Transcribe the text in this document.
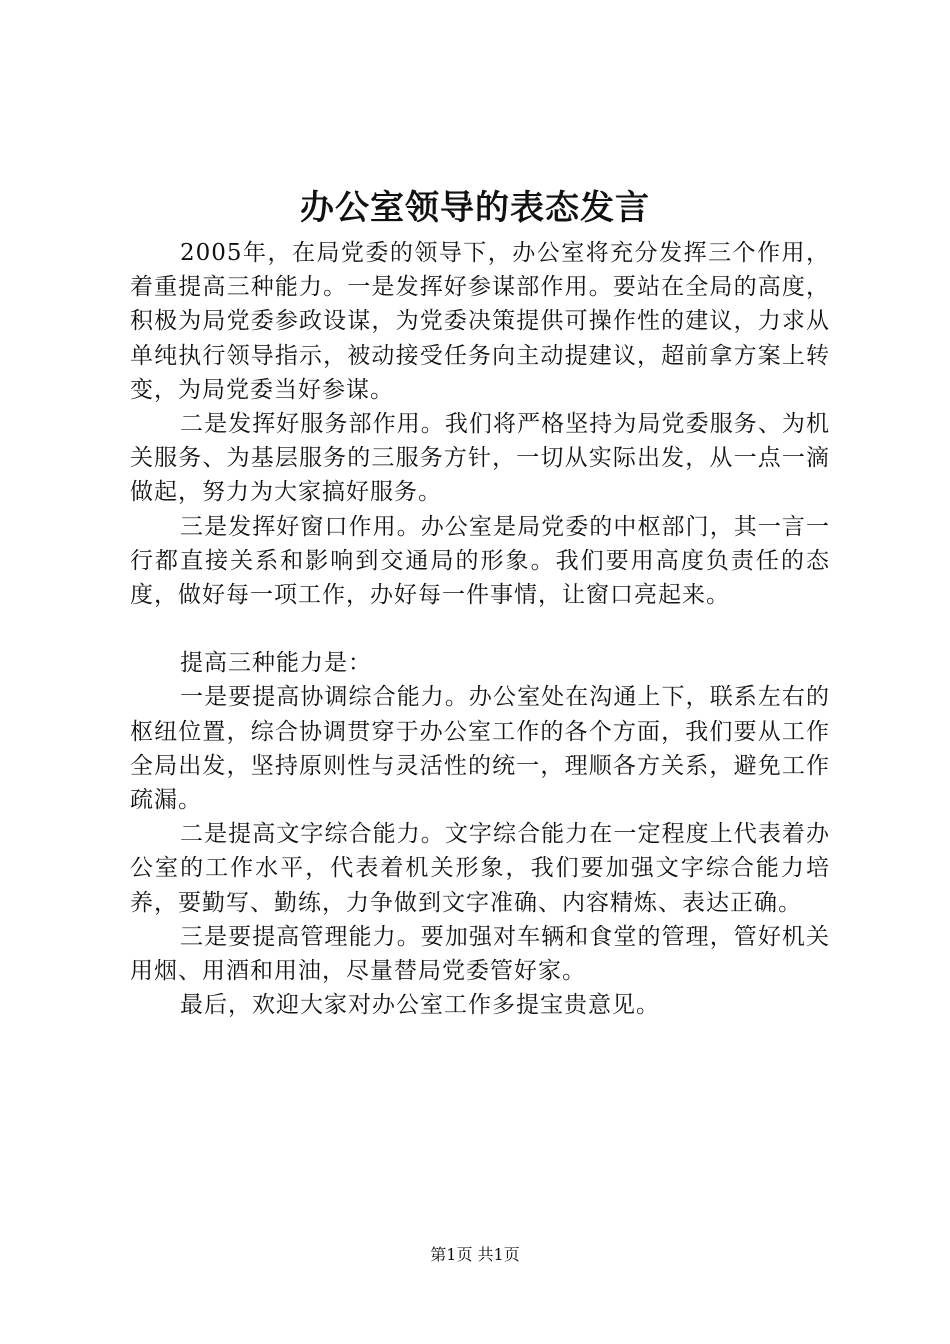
办公室领导的表态发言

2005年，在局党委的领导下，办公室将充分发挥三个作用，着重提高三种能力。一是发挥好参谋部作用。要站在全局的高度，积极为局党委参政设谋，为党委决策提供可操作性的建议，力求从单纯执行领导指示，被动接受任务向主动提建议，超前拿方案上转变，为局党委当好参谋。

二是发挥好服务部作用。我们将严格坚持为局党委服务、为机关服务、为基层服务的三服务方针，一切从实际出发，从一点一滴做起，努力为大家搞好服务。

三是发挥好窗口作用。办公室是局党委的中枢部门，其一言一行都直接关系和影响到交通局的形象。我们要用高度负责任的态度，做好每一项工作，办好每一件事情，让窗口亮起来。

提高三种能力是：

一是要提高协调综合能力。办公室处在沟通上下，联系左右的枢纽位置，综合协调贯穿于办公室工作的各个方面，我们要从工作全局出发，坚持原则性与灵活性的统一，理顺各方关系，避免工作疏漏。

二是提高文字综合能力。文字综合能力在一定程度上代表着办公室的工作水平，代表着机关形象，我们要加强文字综合能力培养，要勤写、勤练，力争做到文字准确、内容精炼、表达正确。

三是要提高管理能力。要加强对车辆和食堂的管理，管好机关用烟、用酒和用油，尽量替局党委管好家。

最后，欢迎大家对办公室工作多提宝贵意见。

第1页 共1页
